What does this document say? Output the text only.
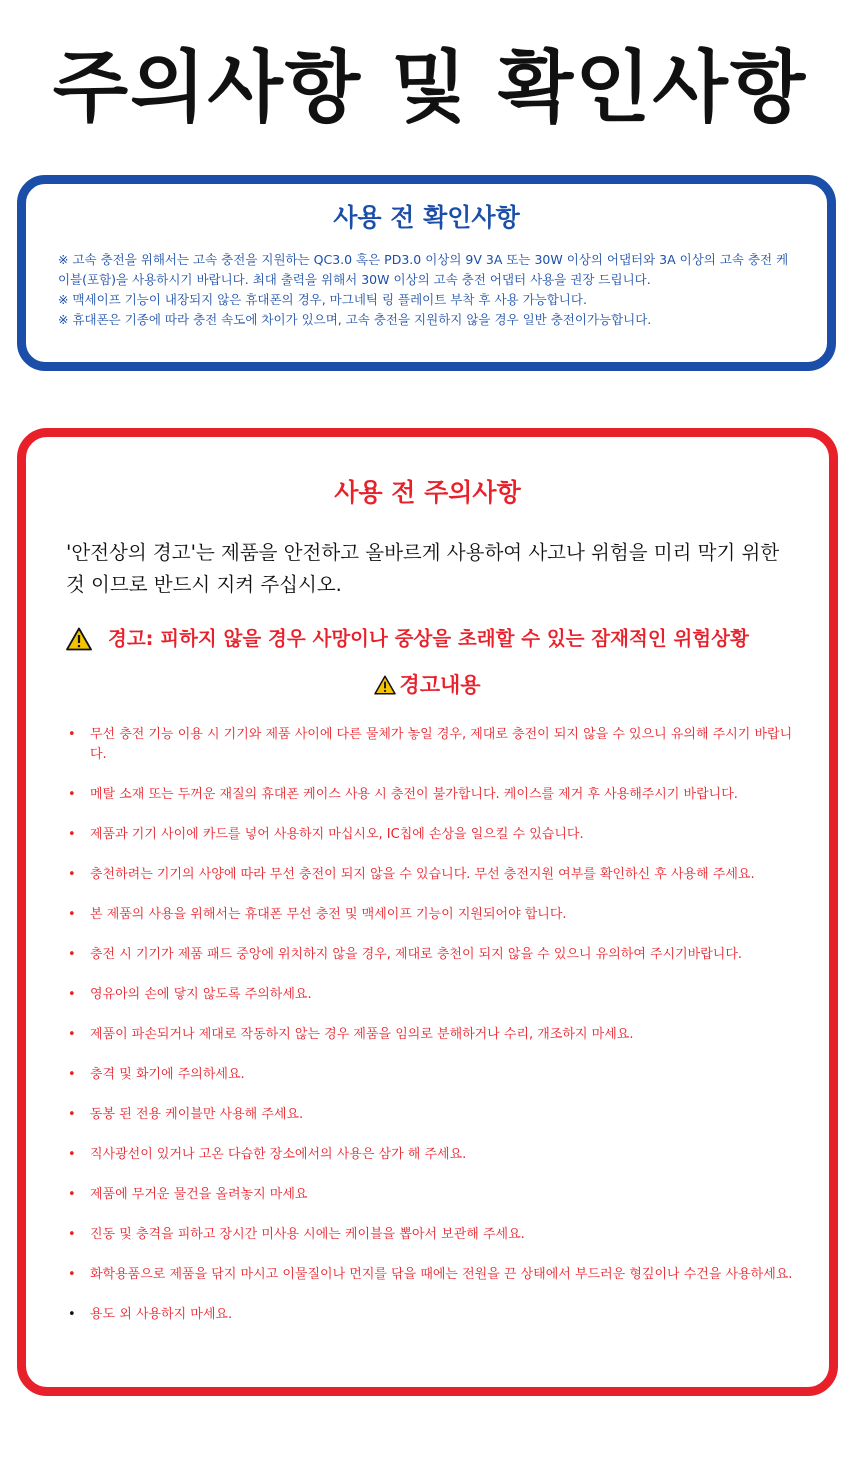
주의사항 및 확인사항
사용 전 확인사항

※ 고속 충전을 위해서는 고속 충전을 지원하는 QC3.0 혹은 PD3.0 이상의 9V 3A 또는 30W 이상의 어댑터와 3A 이상의 고속 충전 케이블(포함)을 사용하시기 바랍니다. 최대 출력을 위해서 30W 이상의 고속 충전 어댑터 사용을 권장 드립니다.

※ 맥세이프 기능이 내장되지 않은 휴대폰의 경우, 마그네틱 링 플레이트 부착 후 사용 가능합니다.

※ 휴대폰은 기종에 따라 충전 속도에 차이가 있으며, 고속 충전을 지원하지 않을 경우 일반 충전이가능합니다.

사용 전 주의사항
'안전상의 경고'는 제품을 안전하고 올바르게 사용하여 사고나 위험을 미리 막기 위한 것 이므로 반드시 지켜 주십시오.
경고: 피하지 않을 경우 사망이나 중상을 초래할 수 있는 잠재적인 위험상황
경고내용
• 무선 충전 기능 이용 시 기기와 제품 사이에 다른 물체가 놓일 경우, 제대로 충전이 되지 않을 수 있으니 유의해 주시기 바랍니다.
• 메탈 소재 또는 두꺼운 재질의 휴대폰 케이스 사용 시 충전이 불가합니다. 케이스를 제거 후 사용해주시기 바랍니다.
• 제품과 기기 사이에 카드를 넣어 사용하지 마십시오, IC칩에 손상을 일으킬 수 있습니다.
• 충천하려는 기기의 사양에 따라 무선 충전이 되지 않을 수 있습니다. 무선 충전지원 여부를 확인하신 후 사용해 주세요.
• 본 제품의 사용을 위해서는 휴대폰 무선 충전 및 맥세이프 기능이 지원되어야 합니다.
• 충전 시 기기가 제품 패드 중앙에 위치하지 않을 경우, 제대로 충천이 되지 않을 수 있으니 유의하여 주시기바랍니다.
• 영유아의 손에 닿지 않도록 주의하세요.
• 제품이 파손되거나 제대로 작동하지 않는 경우 제품을 임의로 분해하거나 수리, 개조하지 마세요.
• 충격 및 화기에 주의하세요.
• 동봉 된 전용 케이블만 사용해 주세요.
• 직사광선이 있거나 고온 다습한 장소에서의 사용은 삼가 해 주세요.
• 제품에 무거운 물건을 올려놓지 마세요
• 진동 및 충격을 피하고 장시간 미사용 시에는 케이블을 뽑아서 보관해 주세요.
• 화학용품으로 제품을 닦지 마시고 이물질이나 먼지를 닦을 때에는 전원을 끈 상태에서 부드러운 형깊이나 수건을 사용하세요.
• 용도 외 사용하지 마세요.
